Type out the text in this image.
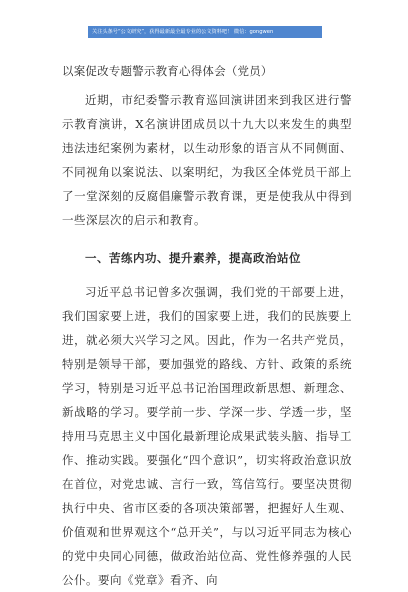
关注头条号“公文研究”，获得最新最全最专业的公文资料吧！ 微信：gongwen
以案促改专题警示教育心得体会（党员）

近期，市纪委警示教育巡回演讲团来到我区进行警示教育演讲，X名演讲团成员以十九大以来发生的典型违法违纪案例为素材，以生动形象的语言从不同侧面、不同视角以案说法、以案明纪，为我区全体党员干部上了一堂深刻的反腐倡廉警示教育课，更是使我从中得到一些深层次的启示和教育。

一、苦练内功、提升素养，提高政治站位

习近平总书记曾多次强调，我们党的干部要上进，我们国家要上进，我们的国家要上进，我们的民族要上进，就必须大兴学习之风。因此，作为一名共产党员，特别是领导干部，要加强党的路线、方针、政策的系统学习，特别是习近平总书记治国理政新思想、新理念、新战略的学习。要学前一步、学深一步、学透一步，坚持用马克思主义中国化最新理论成果武装头脑、指导工作、推动实践。要强化“四个意识”，切实将政治意识放在首位，对党忠诚、言行一致，笃信笃行。要坚决贯彻执行中央、省市区委的各项决策部署，把握好人生观、价值观和世界观这个“总开关”，与以习近平同志为核心的党中央同心同德，做政治站位高、党性修养强的人民公仆。要向《党章》看齐、向
